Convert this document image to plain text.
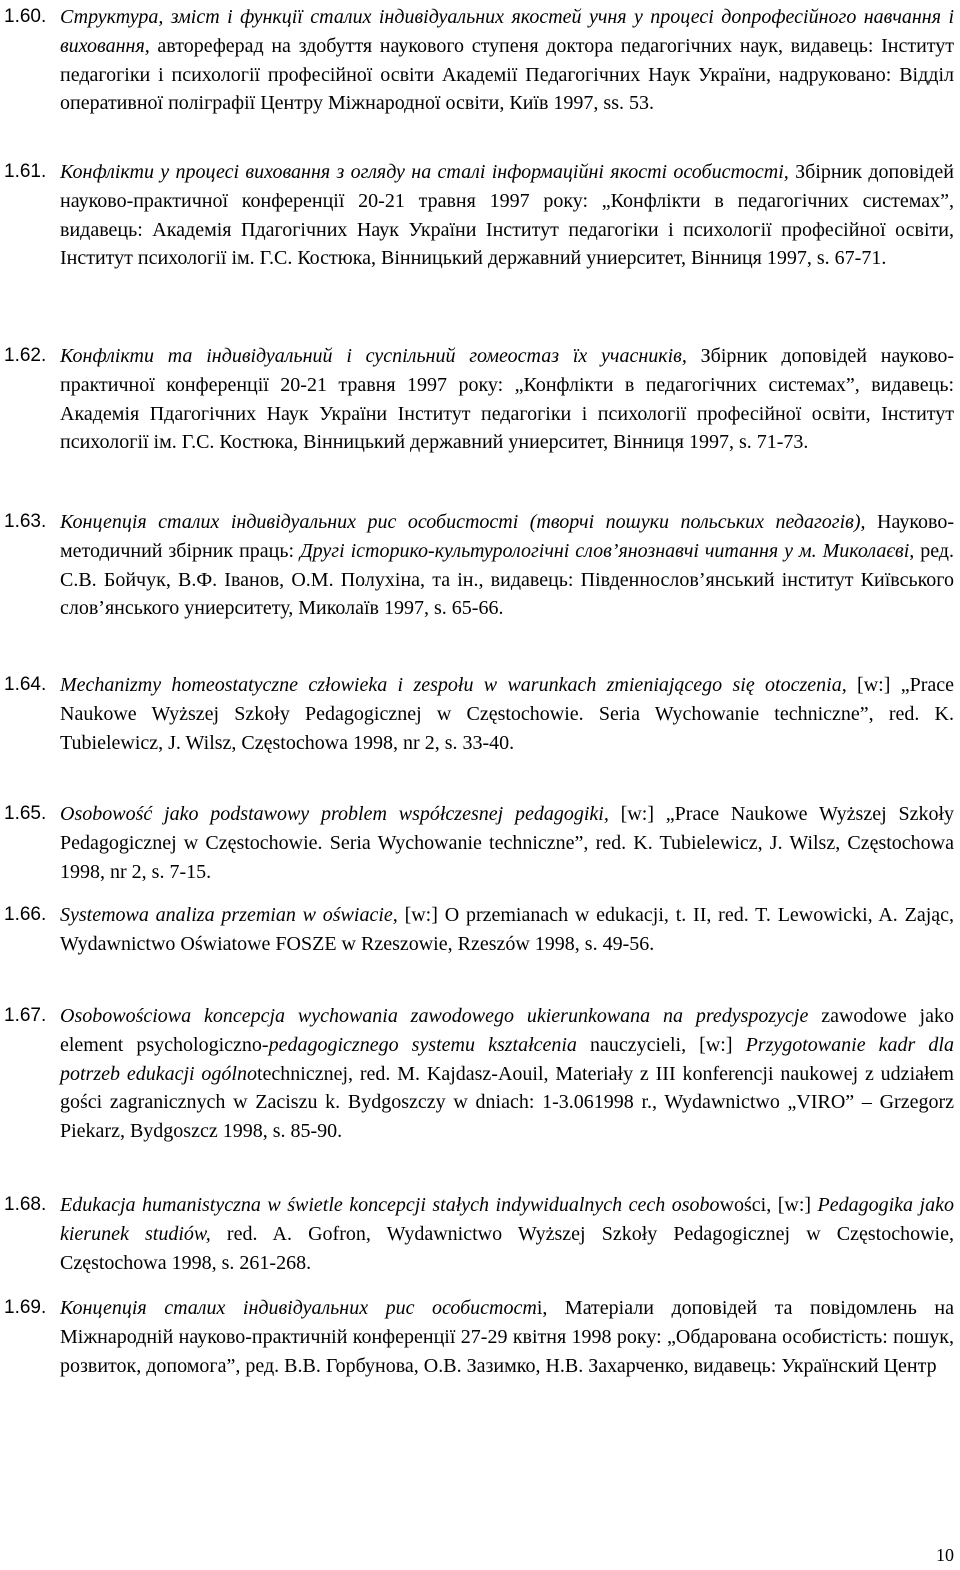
1.60. Структура, зміст і функції сталих індивідуальних якостей учня у процесі допрофесійного навчання і виховання, автореферад на здобуття наукового ступеня доктора педагогічних наук, видавець: Інститут педагогіки і психології професійної освіти Академії Педагогічних Наук України, надруковано: Відділ оперативної поліграфії Центру Міжнародної освіти, Київ 1997, ss. 53.
1.61. Конфлікти у процесі виховання з огляду на сталі інформаційні якості особистості, Збірник доповідей науково-практичної конференції 20-21 травня 1997 року: „Конфлікти в педагогічних системах”, видавець: Академія Пдагогічних Наук України Інститут педагогіки і психології професійної освіти, Інститут психології ім. Г.С. Костюка, Вінницький державний униерситет, Вінниця 1997, s. 67-71.
1.62. Конфлікти та індивідуальний і суспільний гомеостаз їх учасників, Збірник доповідей науково-практичної конференції 20-21 травня 1997 року: „Конфлікти в педагогічних системах”, видавець: Академія Пдагогічних Наук України Інститут педагогіки і психології професійної освіти, Інститут психології ім. Г.С. Костюка, Вінницький державний униерситет, Вінниця 1997, s. 71-73.
1.63. Концепція сталих індивідуальних рис особистості (творчі пошуки польських педагогів), Науково-методичний збірник праць: Другі історико-культурологічні слов’янознавчі читання у м. Миколаєві, ред. С.В. Бойчук, В.Ф. Іванов, О.М. Полухіна, та ін., видавець: Південнослов’янський інститут Київського слов’янського униерситету, Миколаїв 1997, s. 65-66.
1.64. Mechanizmy homeostatyczne człowieka i zespołu w warunkach zmieniającego się otoczenia, [w:] „Prace Naukowe Wyższej Szkoły Pedagogicznej w Częstochowie. Seria Wychowanie techniczne”, red. K. Tubielewicz, J. Wilsz, Częstochowa 1998, nr 2, s. 33-40.
1.65. Osobowość jako podstawowy problem współczesnej pedagogiki, [w:] „Prace Naukowe Wyższej Szkoły Pedagogicznej w Częstochowie. Seria Wychowanie techniczne”, red. K. Tubielewicz, J. Wilsz, Częstochowa 1998, nr 2, s. 7-15.
1.66. Systemowa analiza przemian w oświacie, [w:] O przemianach w edukacji, t. II, red. T. Lewowicki, A. Zając, Wydawnictwo Oświatowe FOSZE w Rzeszowie, Rzeszów 1998, s. 49-56.
1.67. Osobowościowa koncepcja wychowania zawodowego ukierunkowana na predyspozycje zawodowe jako element psychologiczno-pedagogicznego systemu kształcenia nauczycieli, [w:] Przygotowanie kadr dla potrzeb edukacji ogólnotechnicznej, red. M. Kajdasz-Aouil, Materiały z III konferencji naukowej z udziałem gości zagranicznych w Zaciszu k. Bydgoszczy w dniach: 1-3.061998 r., Wydawnictwo „VIRO” – Grzegorz Piekarz, Bydgoszcz 1998, s. 85-90.
1.68. Edukacja humanistyczna w świetle koncepcji stałych indywidualnych cech osobowości, [w:] Pedagogika jako kierunek studiów, red. A. Gofron, Wydawnictwo Wyższej Szkoły Pedagogicznej w Częstochowie, Częstochowa 1998, s. 261-268.
1.69. Концепція сталих індивідуальних рис особистості, Матеріали доповідей та повідомлень на Міжнародній науково-практичній конференції 27-29 квітня 1998 року: „Обдарована особистість: пошук, розвиток, допомога”, ред. В.В. Горбунова, О.В. Зазимко, Н.В. Захарченко, видавець: Українский Центр
10
